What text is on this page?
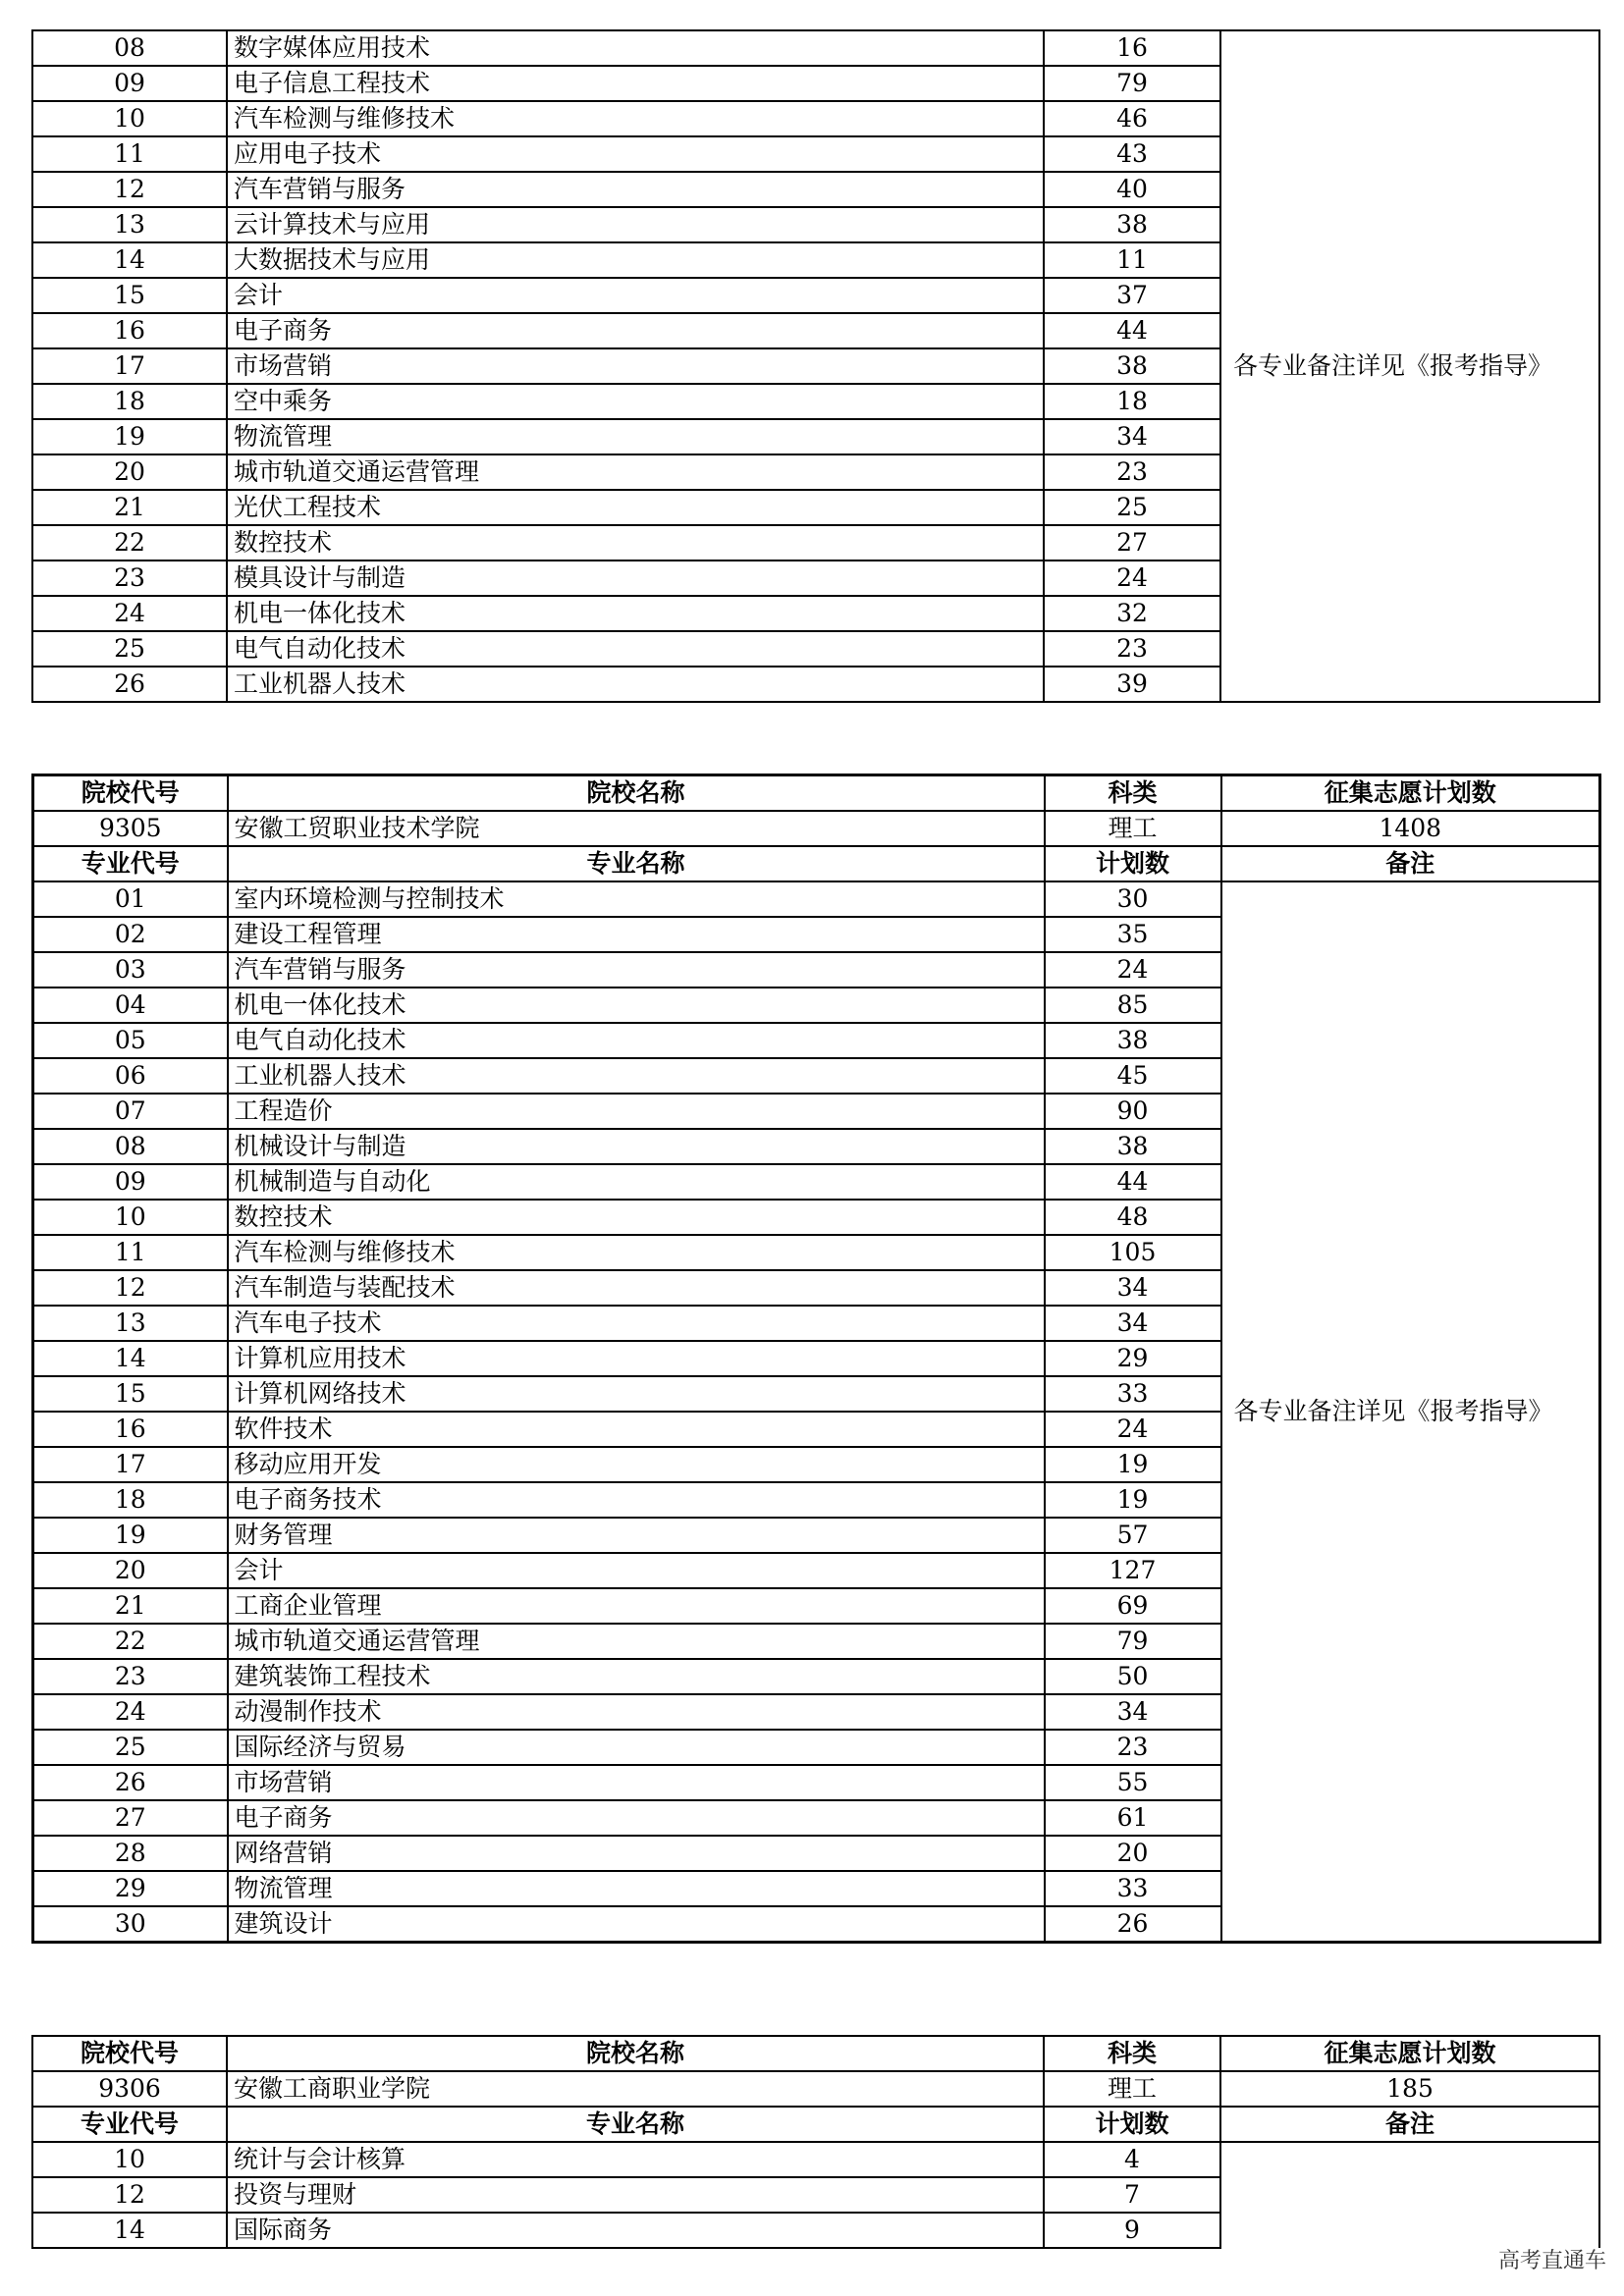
08	数字媒体应用技术	16	各专业备注详见《报考指导》
09	电子信息工程技术	79	
10	汽车检测与维修技术	46	
11	应用电子技术	43	
12	汽车营销与服务	40	
13	云计算技术与应用	38	
14	大数据技术与应用	11	
15	会计	37	
16	电子商务	44	
17	市场营销	38	
18	空中乘务	18	
19	物流管理	34	
20	城市轨道交通运营管理	23	
21	光伏工程技术	25	
22	数控技术	27	
23	模具设计与制造	24	
24	机电一体化技术	32	
25	电气自动化技术	23	
26	工业机器人技术	39	
院校代号	院校名称	科类	征集志愿计划数
9305	安徽工贸职业技术学院	理工	1408
专业代号	专业名称	计划数	备注
01	室内环境检测与控制技术	30	各专业备注详见《报考指导》
02	建设工程管理	35	
03	汽车营销与服务	24	
04	机电一体化技术	85	
05	电气自动化技术	38	
06	工业机器人技术	45	
07	工程造价	90	
08	机械设计与制造	38	
09	机械制造与自动化	44	
10	数控技术	48	
11	汽车检测与维修技术	105	
12	汽车制造与装配技术	34	
13	汽车电子技术	34	
14	计算机应用技术	29	
15	计算机网络技术	33	
16	软件技术	24	
17	移动应用开发	19	
18	电子商务技术	19	
19	财务管理	57	
20	会计	127	
21	工商企业管理	69	
22	城市轨道交通运营管理	79	
23	建筑装饰工程技术	50	
24	动漫制作技术	34	
25	国际经济与贸易	23	
26	市场营销	55	
27	电子商务	61	
28	网络营销	20	
29	物流管理	33	
30	建筑设计	26	
院校代号	院校名称	科类	征集志愿计划数
9306	安徽工商职业学院	理工	185
专业代号	专业名称	计划数	备注
10	统计与会计核算	4	
12	投资与理财	7	
14	国际商务	9	
高考直通车
